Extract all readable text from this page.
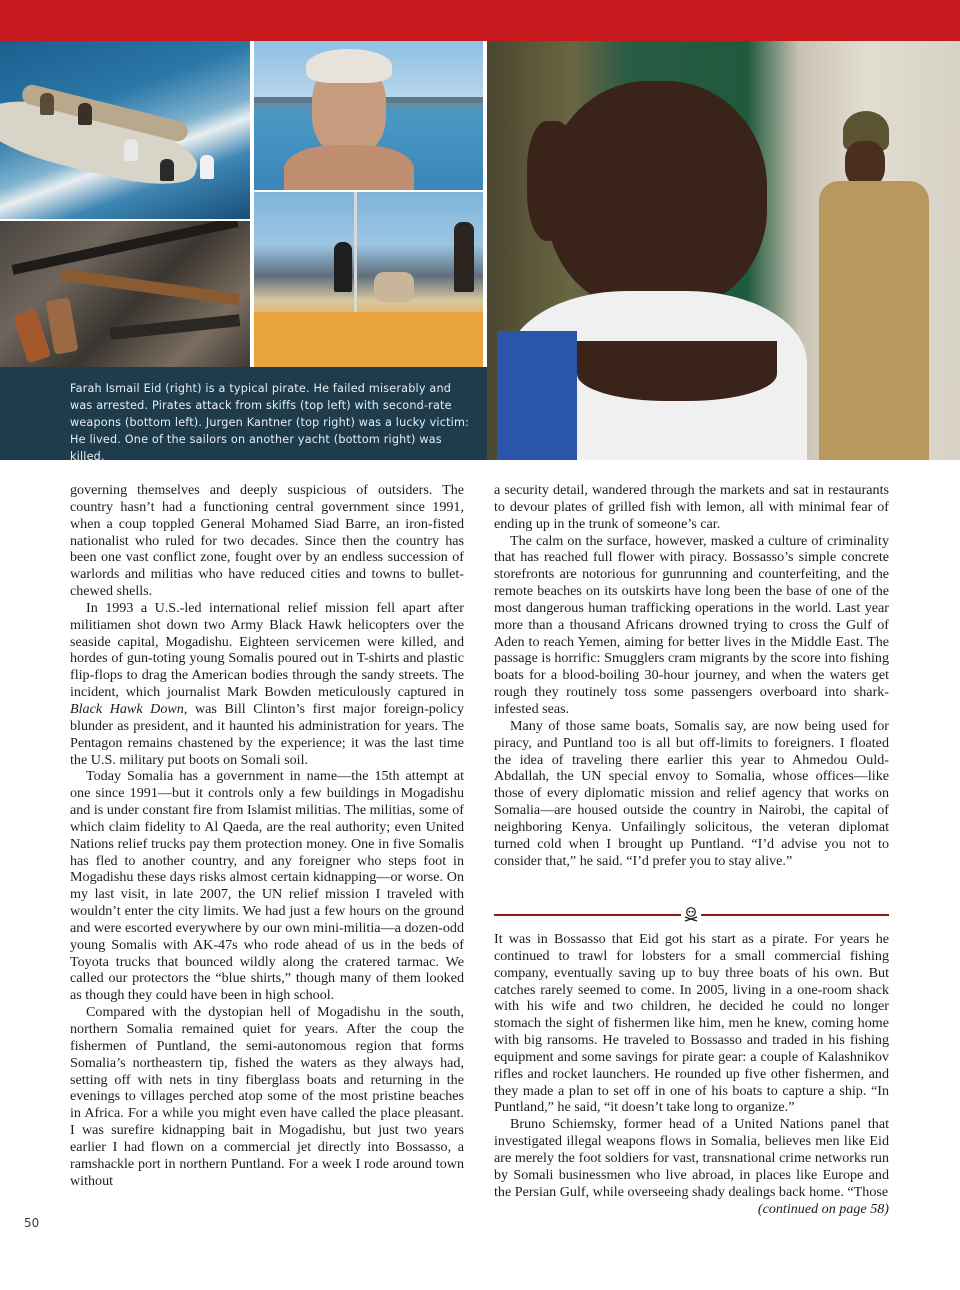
Farah Ismail Eid (right) is a typical pirate. He failed miserably and was arrested. Pirates attack from skiffs (top left) with second-rate weapons (bottom left). Jurgen Kantner (top right) was a lucky victim: He lived. One of the sailors on another yacht (bottom right) was killed.

governing themselves and deeply suspicious of outsiders. The country hasn’t had a functioning central government since 1991, when a coup toppled General Mohamed Siad Barre, an iron-fisted nationalist who ruled for two decades. Since then the country has been one vast conflict zone, fought over by an endless succession of warlords and militias who have reduced cities and towns to bullet-chewed shells.

In 1993 a U.S.-led international relief mission fell apart after militiamen shot down two Army Black Hawk helicopters over the seaside capital, Mogadishu. Eighteen servicemen were killed, and hordes of gun-toting young Somalis poured out in T-shirts and plastic flip-flops to drag the American bodies through the sandy streets. The incident, which journalist Mark Bowden meticulously captured in Black Hawk Down, was Bill Clinton’s first major foreign-policy blunder as president, and it haunted his administration for years. The Pentagon remains chastened by the experience; it was the last time the U.S. military put boots on Somali soil.

Today Somalia has a government in name—the 15th attempt at one since 1991—but it controls only a few buildings in Mogadishu and is under constant fire from Islamist militias. The militias, some of which claim fidelity to Al Qaeda, are the real authority; even United Nations relief trucks pay them protection money. One in five Somalis has fled to another country, and any foreigner who steps foot in Mogadishu these days risks almost certain kidnapping—or worse. On my last visit, in late 2007, the UN relief mission I traveled with wouldn’t enter the city limits. We had just a few hours on the ground and were escorted everywhere by our own mini-militia—a dozen-odd young Somalis with AK-47s who rode ahead of us in the beds of Toyota trucks that bounced wildly along the cratered tarmac. We called our protectors the “blue shirts,” though many of them looked as though they could have been in high school.

Compared with the dystopian hell of Mogadishu in the south, northern Somalia remained quiet for years. After the coup the fishermen of Puntland, the semi-autonomous region that forms Somalia’s northeastern tip, fished the waters as they always had, setting off with nets in tiny fiberglass boats and returning in the evenings to villages perched atop some of the most pristine beaches in Africa. For a while you might even have called the place pleasant. I was surefire kidnapping bait in Mogadishu, but just two years earlier I had flown on a commercial jet directly into Bossasso, a ramshackle port in northern Puntland. For a week I rode around town without

a security detail, wandered through the markets and sat in restaurants to devour plates of grilled fish with lemon, all with minimal fear of ending up in the trunk of someone’s car.

The calm on the surface, however, masked a culture of criminality that has reached full flower with piracy. Bossasso’s simple concrete storefronts are notorious for gunrunning and counterfeiting, and the remote beaches on its outskirts have long been the base of one of the most dangerous human trafficking operations in the world. Last year more than a thousand Africans drowned trying to cross the Gulf of Aden to reach Yemen, aiming for better lives in the Middle East. The passage is horrific: Smugglers cram migrants by the score into fishing boats for a blood-boiling 30-hour journey, and when the waters get rough they routinely toss some passengers overboard into shark-infested seas.

Many of those same boats, Somalis say, are now being used for piracy, and Puntland too is all but off-limits to foreigners. I floated the idea of traveling there earlier this year to Ahmedou Ould-Abdallah, the UN special envoy to Somalia, whose offices—like those of every diplomatic mission and relief agency that works on Somalia—are housed outside the country in Nairobi, the capital of neighboring Kenya. Unfailingly solicitous, the veteran diplomat turned cold when I brought up Puntland. “I’d advise you not to consider that,” he said. “I’d prefer you to stay alive.”

It was in Bossasso that Eid got his start as a pirate. For years he continued to trawl for lobsters for a small commercial fishing company, eventually saving up to buy three boats of his own. But catches rarely seemed to come. In 2005, living in a one-room shack with his wife and two children, he decided he could no longer stomach the sight of fishermen like him, men he knew, coming home with big ransoms. He traveled to Bossasso and traded in his fishing equipment and some savings for pirate gear: a couple of Kalashnikov rifles and rocket launchers. He rounded up five other fishermen, and they made a plan to set off in one of his boats to capture a ship. “In Puntland,” he said, “it doesn’t take long to organize.”

Bruno Schiemsky, former head of a United Nations panel that investigated illegal weapons flows in Somalia, believes men like Eid are merely the foot soldiers for vast, transnational crime networks run by Somali businessmen who live abroad, in places like Europe and the Persian Gulf, while overseeing shady dealings back home. “Those
(continued on page 58)

50
